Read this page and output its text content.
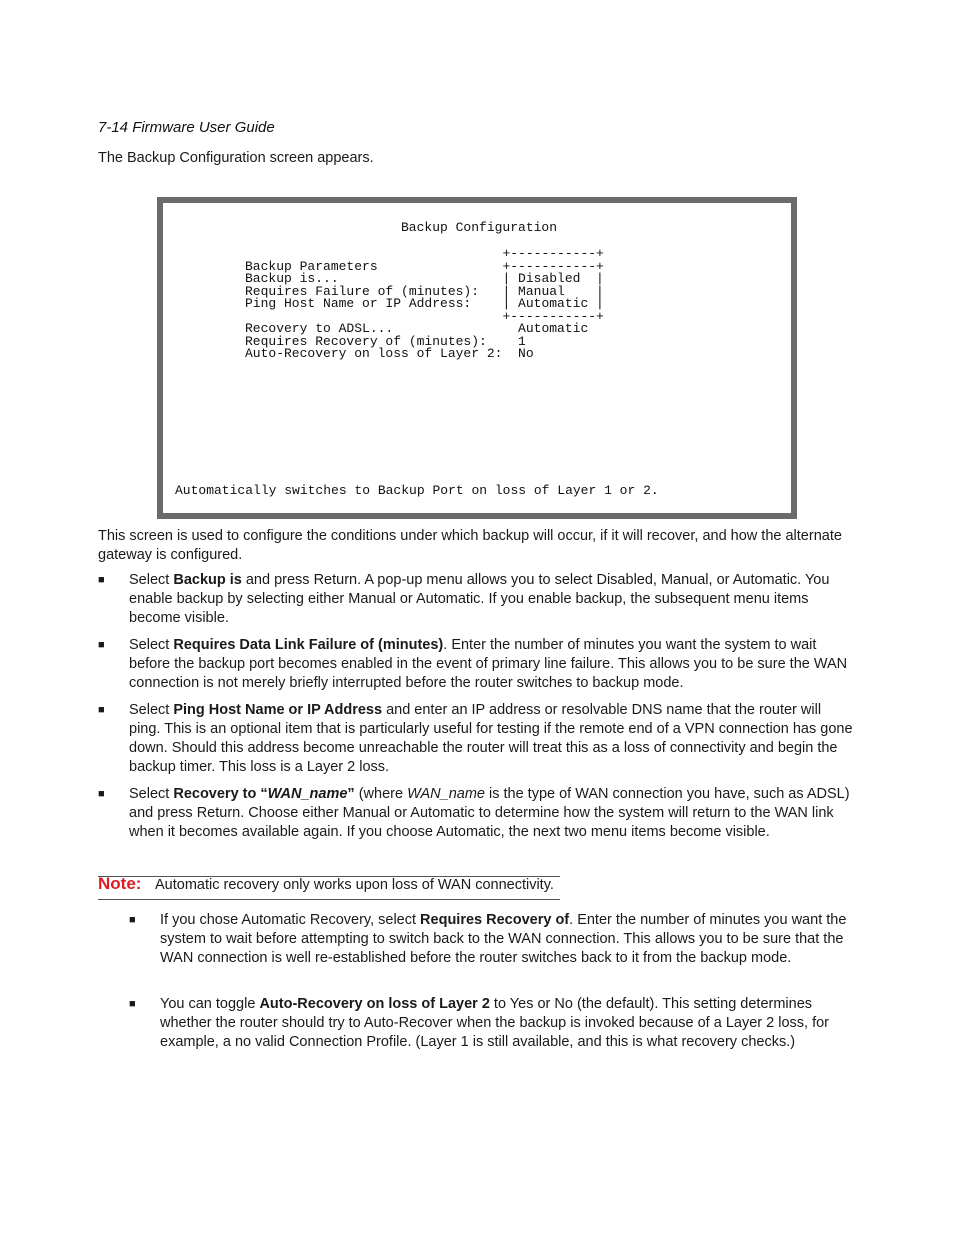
7-14 Firmware User Guide
The Backup Configuration screen appears.
Backup Configuration
+-----------+
Backup Parameters                +-----------+
Backup is...                     | Disabled  |
Requires Failure of (minutes):   | Manual    |
Ping Host Name or IP Address:    | Automatic |
+-----------+
Recovery to ADSL...                Automatic
Requires Recovery of (minutes):    1
Auto-Recovery on loss of Layer 2:  No
Automatically switches to Backup Port on loss of Layer 1 or 2.
This screen is used to configure the conditions under which backup will occur, if it will recover, and how the alternate gateway is configured.
■ Select Backup is and press Return. A pop-up menu allows you to select Disabled, Manual, or Automatic. You enable backup by selecting either Manual or Automatic. If you enable backup, the subsequent menu items become visible.
■ Select Requires Data Link Failure of (minutes). Enter the number of minutes you want the system to wait before the backup port becomes enabled in the event of primary line failure. This allows you to be sure the WAN connection is not merely briefly interrupted before the router switches to backup mode.
■ Select Ping Host Name or IP Address and enter an IP address or resolvable DNS name that the router will ping. This is an optional item that is particularly useful for testing if the remote end of a VPN connection has gone down. Should this address become unreachable the router will treat this as a loss of connectivity and begin the backup timer. This loss is a Layer 2 loss.
■ Select Recovery to “WAN_name” (where WAN_name is the type of WAN connection you have, such as ADSL) and press Return. Choose either Manual or Automatic to determine how the system will return to the WAN link when it becomes available again. If you choose Automatic, the next two menu items become visible.
Note: Automatic recovery only works upon loss of WAN connectivity.
■ If you chose Automatic Recovery, select Requires Recovery of. Enter the number of minutes you want the system to wait before attempting to switch back to the WAN connection. This allows you to be sure that the WAN connection is well re-established before the router switches back to it from the backup mode.
■ You can toggle Auto-Recovery on loss of Layer 2 to Yes or No (the default). This setting determines whether the router should try to Auto-Recover when the backup is invoked because of a Layer 2 loss, for example, a no valid Connection Profile. (Layer 1 is still available, and this is what recovery checks.)
